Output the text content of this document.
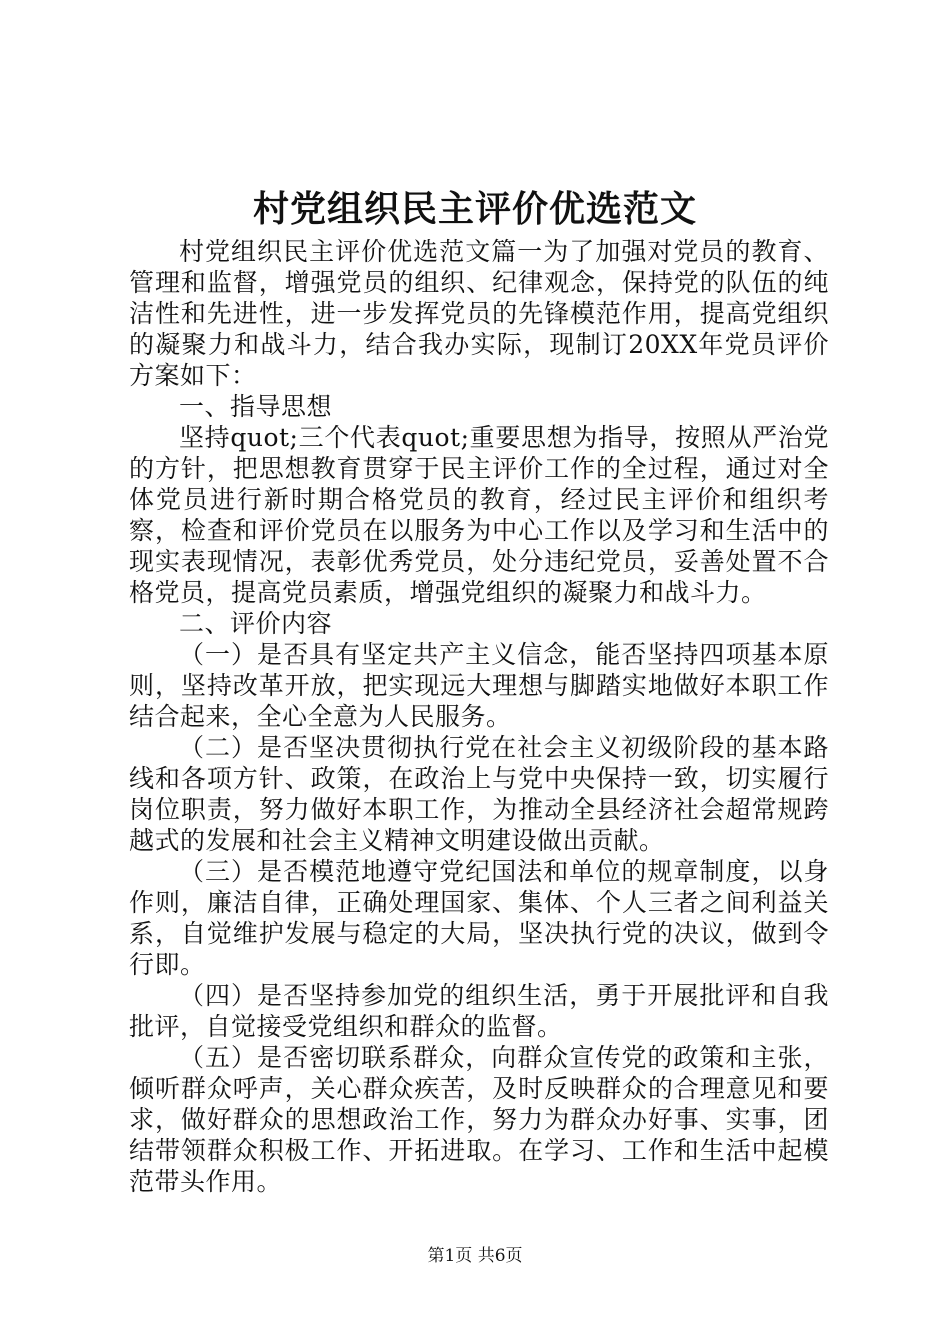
村党组织民主评价优选范文

村党组织民主评价优选范文篇一为了加强对党员的教育、管理和监督，增强党员的组织、纪律观念，保持党的队伍的纯洁性和先进性，进一步发挥党员的先锋模范作用，提高党组织的凝聚力和战斗力，结合我办实际，现制订20XX年党员评价方案如下：

一、指导思想

坚持quot;三个代表quot;重要思想为指导，按照从严治党的方针，把思想教育贯穿于民主评价工作的全过程，通过对全体党员进行新时期合格党员的教育，经过民主评价和组织考察，检查和评价党员在以服务为中心工作以及学习和生活中的现实表现情况，表彰优秀党员，处分违纪党员，妥善处置不合格党员，提高党员素质，增强党组织的凝聚力和战斗力。

二、评价内容

（一）是否具有坚定共产主义信念，能否坚持四项基本原则，坚持改革开放，把实现远大理想与脚踏实地做好本职工作结合起来，全心全意为人民服务。

（二）是否坚决贯彻执行党在社会主义初级阶段的基本路线和各项方针、政策，在政治上与党中央保持一致，切实履行岗位职责，努力做好本职工作，为推动全县经济社会超常规跨越式的发展和社会主义精神文明建设做出贡献。

（三）是否模范地遵守党纪国法和单位的规章制度，以身作则，廉洁自律，正确处理国家、集体、个人三者之间利益关系，自觉维护发展与稳定的大局，坚决执行党的决议，做到令行即。

（四）是否坚持参加党的组织生活，勇于开展批评和自我批评，自觉接受党组织和群众的监督。

（五）是否密切联系群众，向群众宣传党的政策和主张，倾听群众呼声，关心群众疾苦，及时反映群众的合理意见和要求，做好群众的思想政治工作，努力为群众办好事、实事，团结带领群众积极工作、开拓进取。在学习、工作和生活中起模范带头作用。

第1页 共6页
